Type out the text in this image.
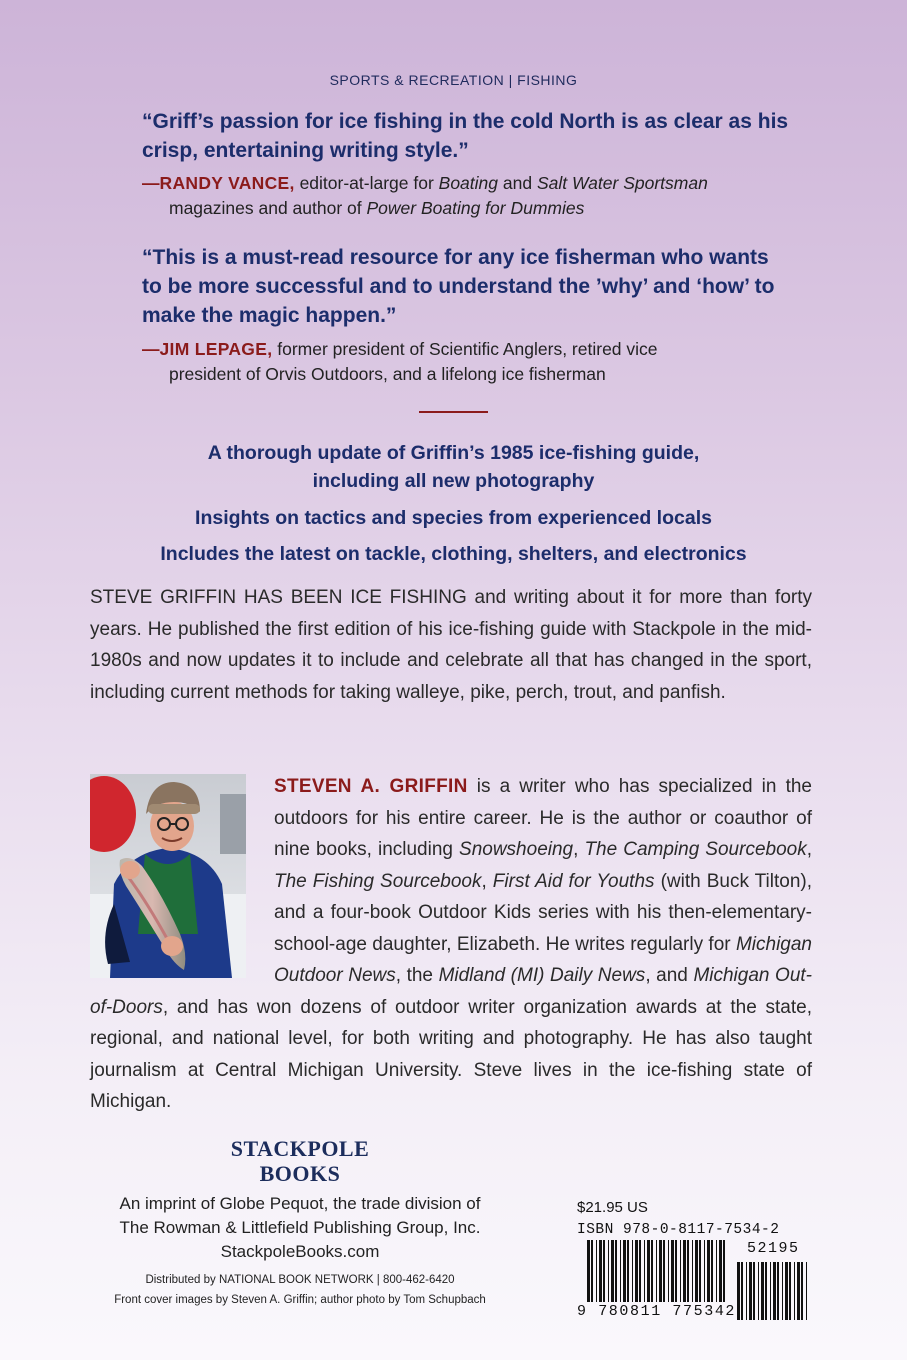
SPORTS & RECREATION | FISHING
“Griff’s passion for ice fishing in the cold North is as clear as his
crisp, entertaining writing style.”
—RANDY VANCE, editor-at-large for Boating and Salt Water Sportsman
magazines and author of Power Boating for Dummies
“This is a must-read resource for any ice fisherman who wants
to be more successful and to understand the ’why’ and ‘how’ to
make the magic happen.”
—JIM LEPAGE, former president of Scientific Anglers, retired vice
president of Orvis Outdoors, and a lifelong ice fisherman
A thorough update of Griffin’s 1985 ice-fishing guide,
including all new photography
Insights on tactics and species from experienced locals
Includes the latest on tackle, clothing, shelters, and electronics
STEVE GRIFFIN HAS BEEN ICE FISHING and writing about it for more than forty years. He published the first edition of his ice-fishing guide with Stackpole in the mid-1980s and now updates it to include and celebrate all that has changed in the sport, including current methods for taking walleye, pike, perch, trout, and panfish.
STEVEN A. GRIFFIN is a writer who has specialized in the outdoors for his entire career. He is the author or coauthor of nine books, including Snowshoeing, The Camping Sourcebook, The Fishing Sourcebook, First Aid for Youths (with Buck Tilton), and a four-book Outdoor Kids series with his then-elementary-school-age daughter, Elizabeth. He writes regularly for Michigan Outdoor News, the Midland (MI) Daily News, and Michigan Out-of-Doors, and has won dozens of outdoor writer organization awards at the state, regional, and national level, for both writing and photography. He has also taught journalism at Central Michigan University. Steve lives in the ice-fishing state of Michigan.
STACKPOLE
BOOKS
An imprint of Globe Pequot, the trade division of
The Rowman & Littlefield Publishing Group, Inc.
StackpoleBooks.com
Distributed by NATIONAL BOOK NETWORK | 800-462-6420
Front cover images by Steven A. Griffin; author photo by Tom Schupbach
$21.95 US
ISBN 978-0-8117-7534-2
52195
9 780811 775342
